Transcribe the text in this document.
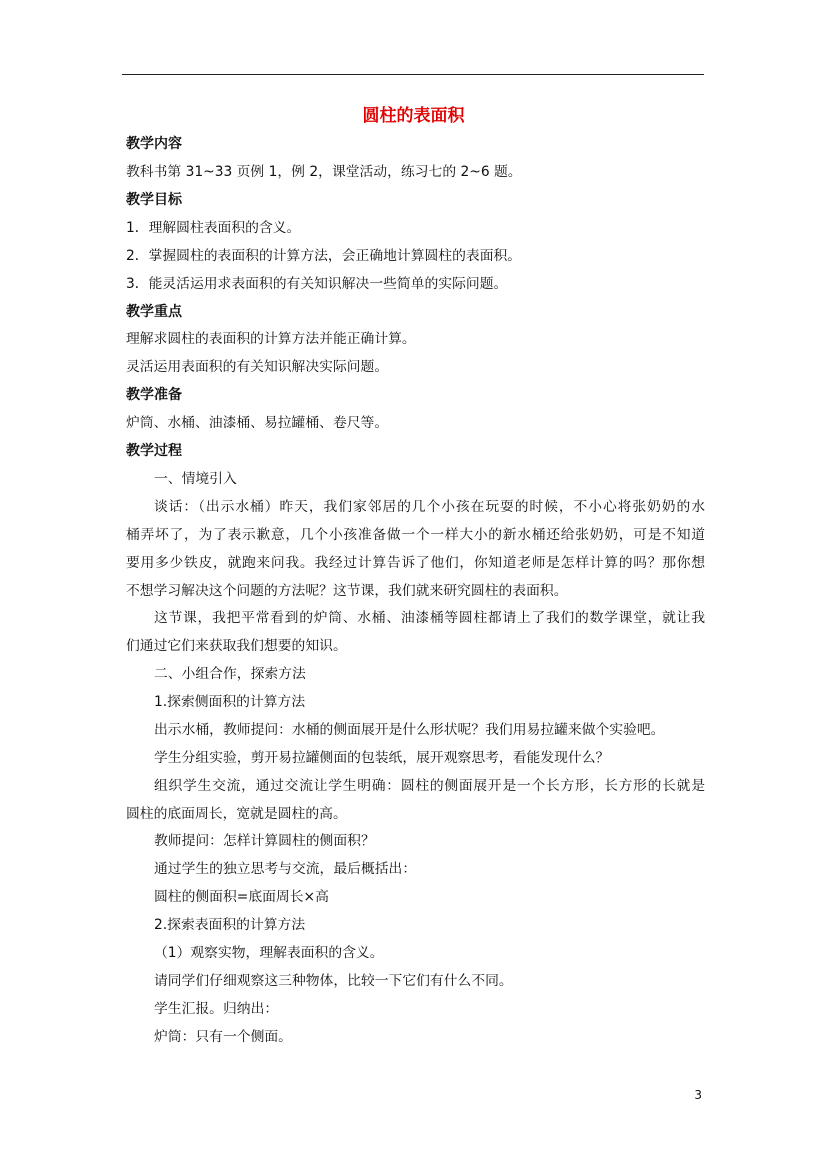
圆柱的表面积
教学内容
教科书第 31~33 页例 1，例 2，课堂活动，练习七的 2~6 题。
教学目标
1．理解圆柱表面积的含义。
2．掌握圆柱的表面积的计算方法，会正确地计算圆柱的表面积。
3．能灵活运用求表面积的有关知识解决一些简单的实际问题。
教学重点
理解求圆柱的表面积的计算方法并能正确计算。
灵活运用表面积的有关知识解决实际问题。
教学准备
炉筒、水桶、油漆桶、易拉罐桶、卷尺等。
教学过程
一、情境引入
谈话：（出示水桶）昨天，我们家邻居的几个小孩在玩耍的时候，不小心将张奶奶的水
桶弄坏了，为了表示歉意，几个小孩准备做一个一样大小的新水桶还给张奶奶，可是不知道
要用多少铁皮，就跑来问我。我经过计算告诉了他们，你知道老师是怎样计算的吗？那你想
不想学习解决这个问题的方法呢？这节课，我们就来研究圆柱的表面积。
这节课，我把平常看到的炉筒、水桶、油漆桶等圆柱都请上了我们的数学课堂，就让我
们通过它们来获取我们想要的知识。
二、小组合作，探索方法
1.探索侧面积的计算方法
出示水桶，教师提问：水桶的侧面展开是什么形状呢？我们用易拉罐来做个实验吧。
学生分组实验，剪开易拉罐侧面的包装纸，展开观察思考，看能发现什么？
组织学生交流，通过交流让学生明确：圆柱的侧面展开是一个长方形，长方形的长就是
圆柱的底面周长，宽就是圆柱的高。
教师提问：怎样计算圆柱的侧面积？
通过学生的独立思考与交流，最后概括出：
圆柱的侧面积=底面周长×高
2.探索表面积的计算方法
（1）观察实物，理解表面积的含义。
请同学们仔细观察这三种物体，比较一下它们有什么不同。
学生汇报。归纳出：
炉筒：只有一个侧面。
3
